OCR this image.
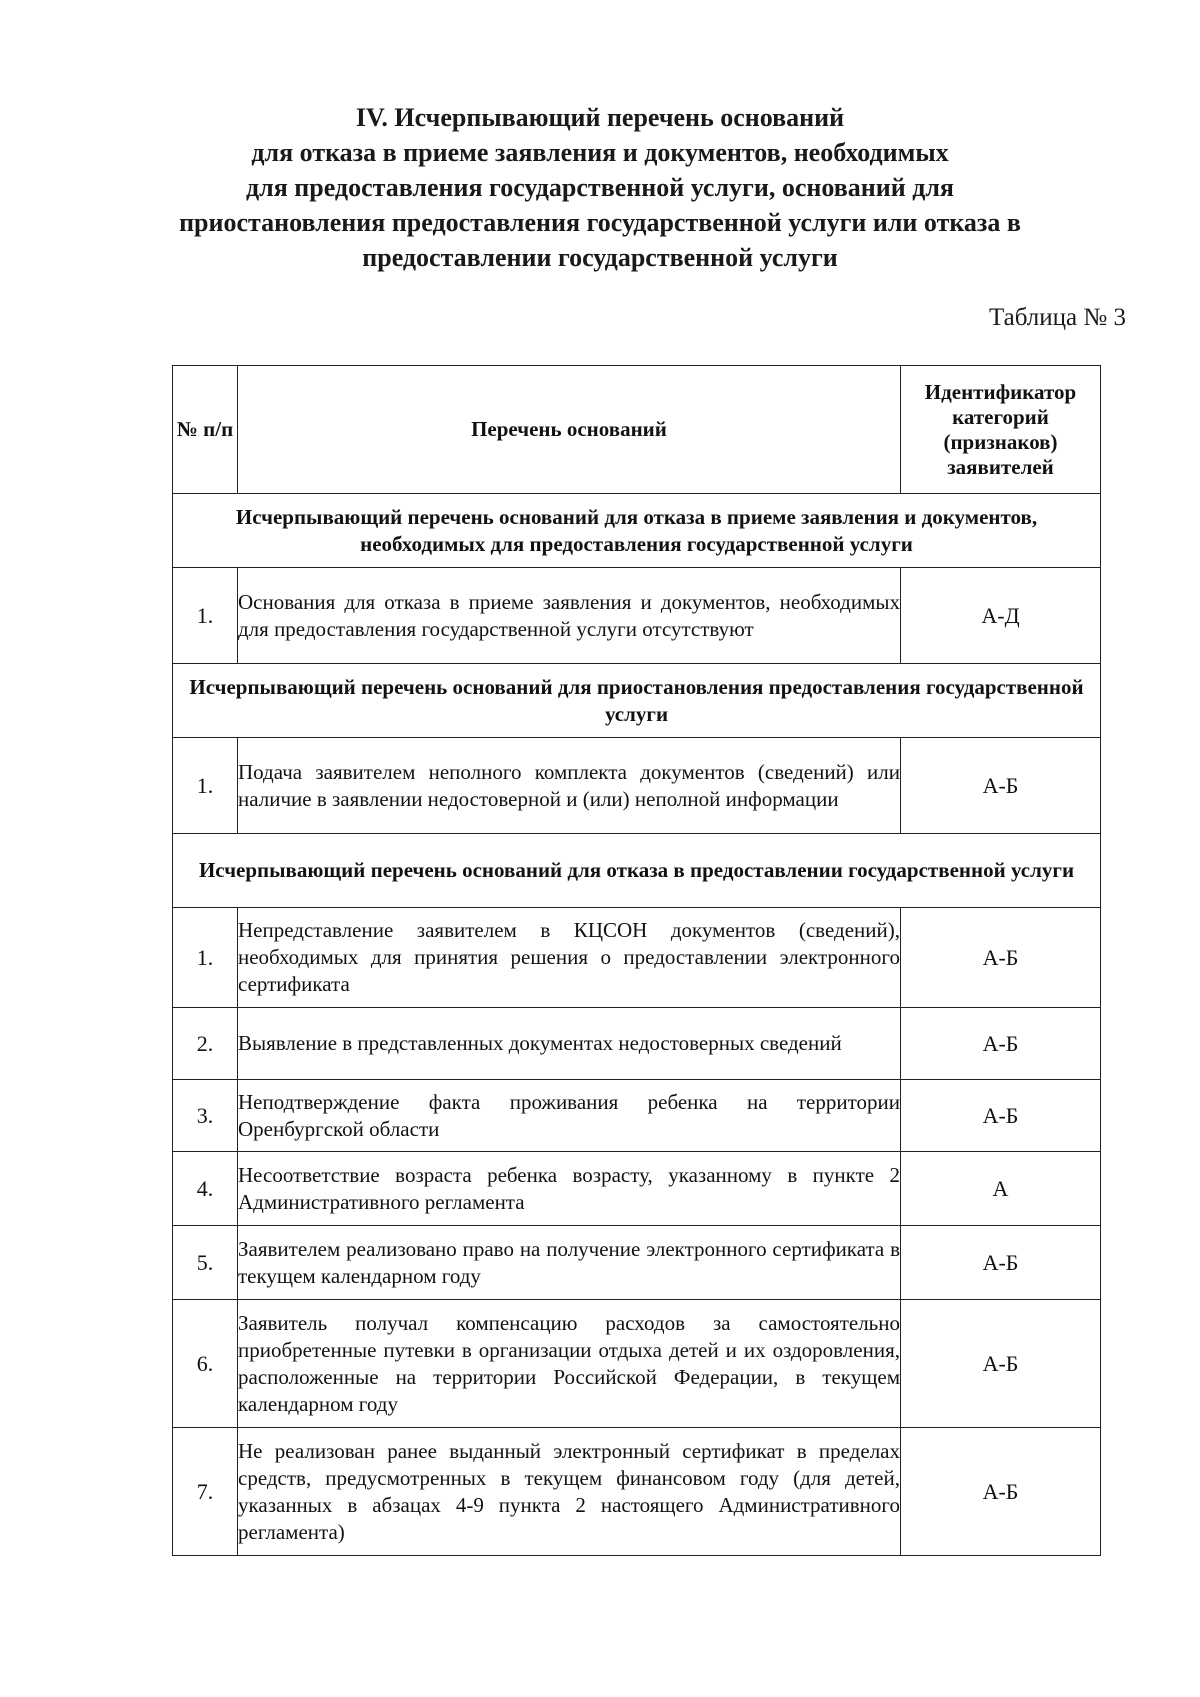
IV. Исчерпывающий перечень оснований
для отказа в приеме заявления и документов, необходимых
для предоставления государственной услуги, оснований для
приостановления предоставления государственной услуги или отказа в
предоставлении государственной услуги
Таблица № 3
№ п/п	Перечень оснований	Идентификатор категорий (признаков) заявителей
Исчерпывающий перечень оснований для отказа в приеме заявления и документов, необходимых для предоставления государственной услуги		
1.	Основания для отказа в приеме заявления и документов, необходимых для предоставления государственной услуги отсутствуют	А-Д
Исчерпывающий перечень оснований для приостановления предоставления государственной услуги		
1.	Подача заявителем неполного комплекта документов (сведений) или наличие в заявлении недостоверной и (или) неполной информации	А-Б
Исчерпывающий перечень оснований для отказа в предоставлении государственной услуги		
1.	Непредставление заявителем в КЦСОН документов (сведений), необходимых для принятия решения о предоставлении электронного сертификата	А-Б
2.	Выявление в представленных документах недостоверных сведений	А-Б
3.	Неподтверждение факта проживания ребенка на территории Оренбургской области	А-Б
4.	Несоответствие возраста ребенка возрасту, указанному в пункте 2 Административного регламента	А
5.	Заявителем реализовано право на получение электронного сертификата в текущем календарном году	А-Б
6.	Заявитель получал компенсацию расходов за самостоятельно приобретенные путевки в организации отдыха детей и их оздоровления, расположенные на территории Российской Федерации, в текущем календарном году	А-Б
7.	Не реализован ранее выданный электронный сертификат в пределах средств, предусмотренных в текущем финансовом году (для детей, указанных в абзацах 4-9 пункта 2 настоящего Административного регламента)	А-Б
